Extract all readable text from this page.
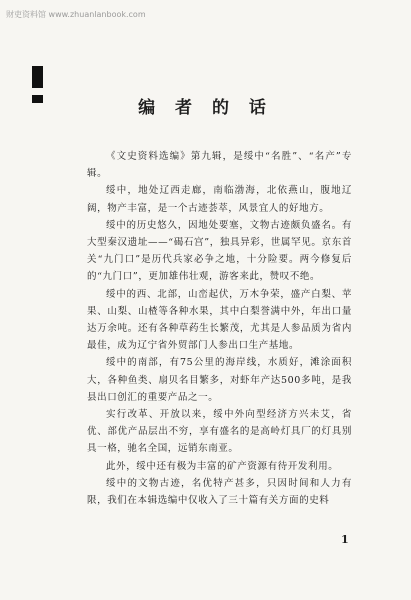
财吏资料馆 www.zhuanlanbook.com
编 者 的 话

《文史资料选编》第九辑，是绥中“名胜”、“名产”专辑。

绥中，地处辽西走廊，南临渤海，北依燕山，腹地辽阔，物产丰富，是一个古迹荟萃，风景宜人的好地方。

绥中的历史悠久，因地处要塞，文物古迹颇负盛名。有大型秦汉遗址——“碣石宫”，独具异彩，世属罕见。京东首关“九门口”是历代兵家必争之地，十分险要。两今修复后的“九门口”，更加雄伟壮观，游客来此，赞叹不绝。

绥中的西、北部，山峦起伏，万木争荣，盛产白梨、苹果、山梨、山楂等各种水果，其中白梨誉满中外，年出口量达万余吨。还有各种草药生长繁茂，尤其是人参品质为省内最佳，成为辽宁省外贸部门人参出口生产基地。

绥中的南部，有75公里的海岸线，水质好，滩涂面积大，各种鱼类、扇贝名目繁多，对虾年产达500多吨，是我县出口创汇的重要产品之一。

实行改革、开放以来，绥中外向型经济方兴未艾，省优、部优产品层出不穷，享有盛名的是高岭灯具厂的灯具别具一格，驰名全国，远销东南亚。

此外，绥中还有极为丰富的矿产资源有待开发利用。

绥中的文物古迹，名优特产甚多，只因时间和人力有限，我们在本辑选编中仅收入了三十篇有关方面的史料

1
